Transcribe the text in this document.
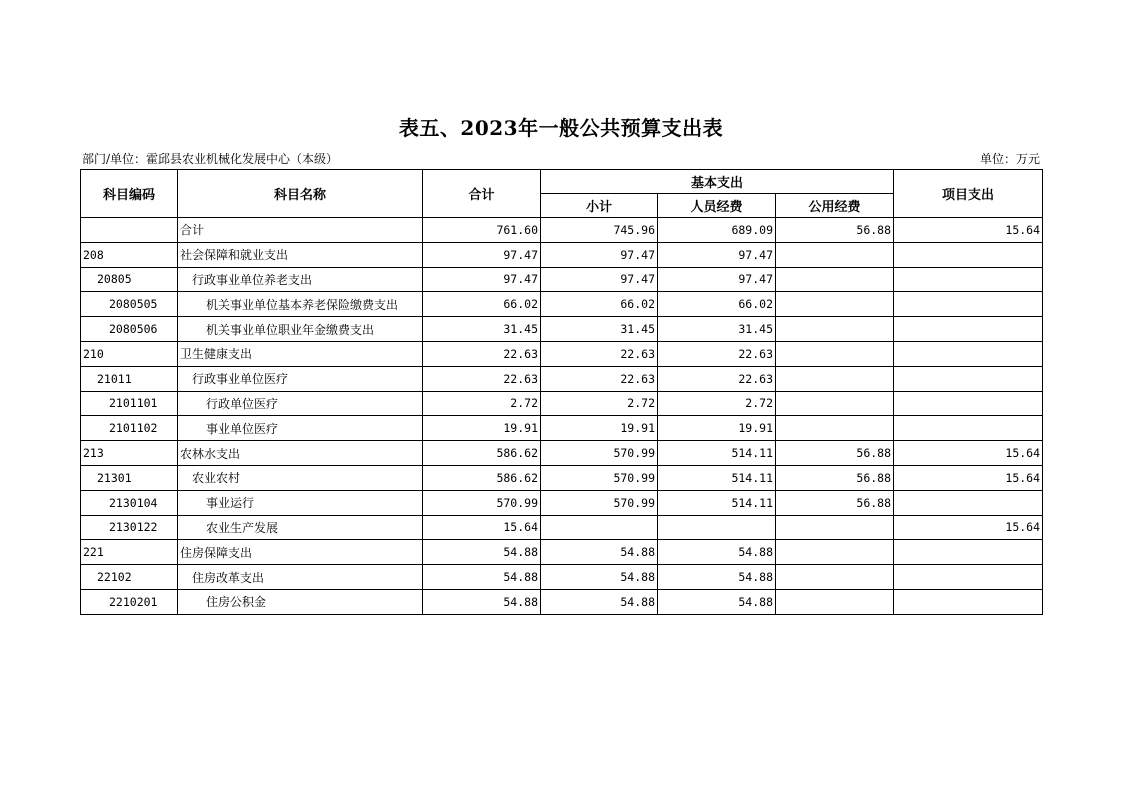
表五、2023年一般公共预算支出表
部门/单位：霍邱县农业机械化发展中心（本级）	单位：万元
科目编码	科目名称	合计	基本支出			项目支出
			小计	人员经费	公用经费	
	合计	761.60	745.96	689.09	56.88	15.64
208	社会保障和就业支出	97.47	97.47	97.47		
20805	行政事业单位养老支出	97.47	97.47	97.47		
2080505	机关事业单位基本养老保险缴费支出	66.02	66.02	66.02		
2080506	机关事业单位职业年金缴费支出	31.45	31.45	31.45		
210	卫生健康支出	22.63	22.63	22.63		
21011	行政事业单位医疗	22.63	22.63	22.63		
2101101	行政单位医疗	2.72	2.72	2.72		
2101102	事业单位医疗	19.91	19.91	19.91		
213	农林水支出	586.62	570.99	514.11	56.88	15.64
21301	农业农村	586.62	570.99	514.11	56.88	15.64
2130104	事业运行	570.99	570.99	514.11	56.88	
2130122	农业生产发展	15.64				15.64
221	住房保障支出	54.88	54.88	54.88		
22102	住房改革支出	54.88	54.88	54.88		
2210201	住房公积金	54.88	54.88	54.88		
